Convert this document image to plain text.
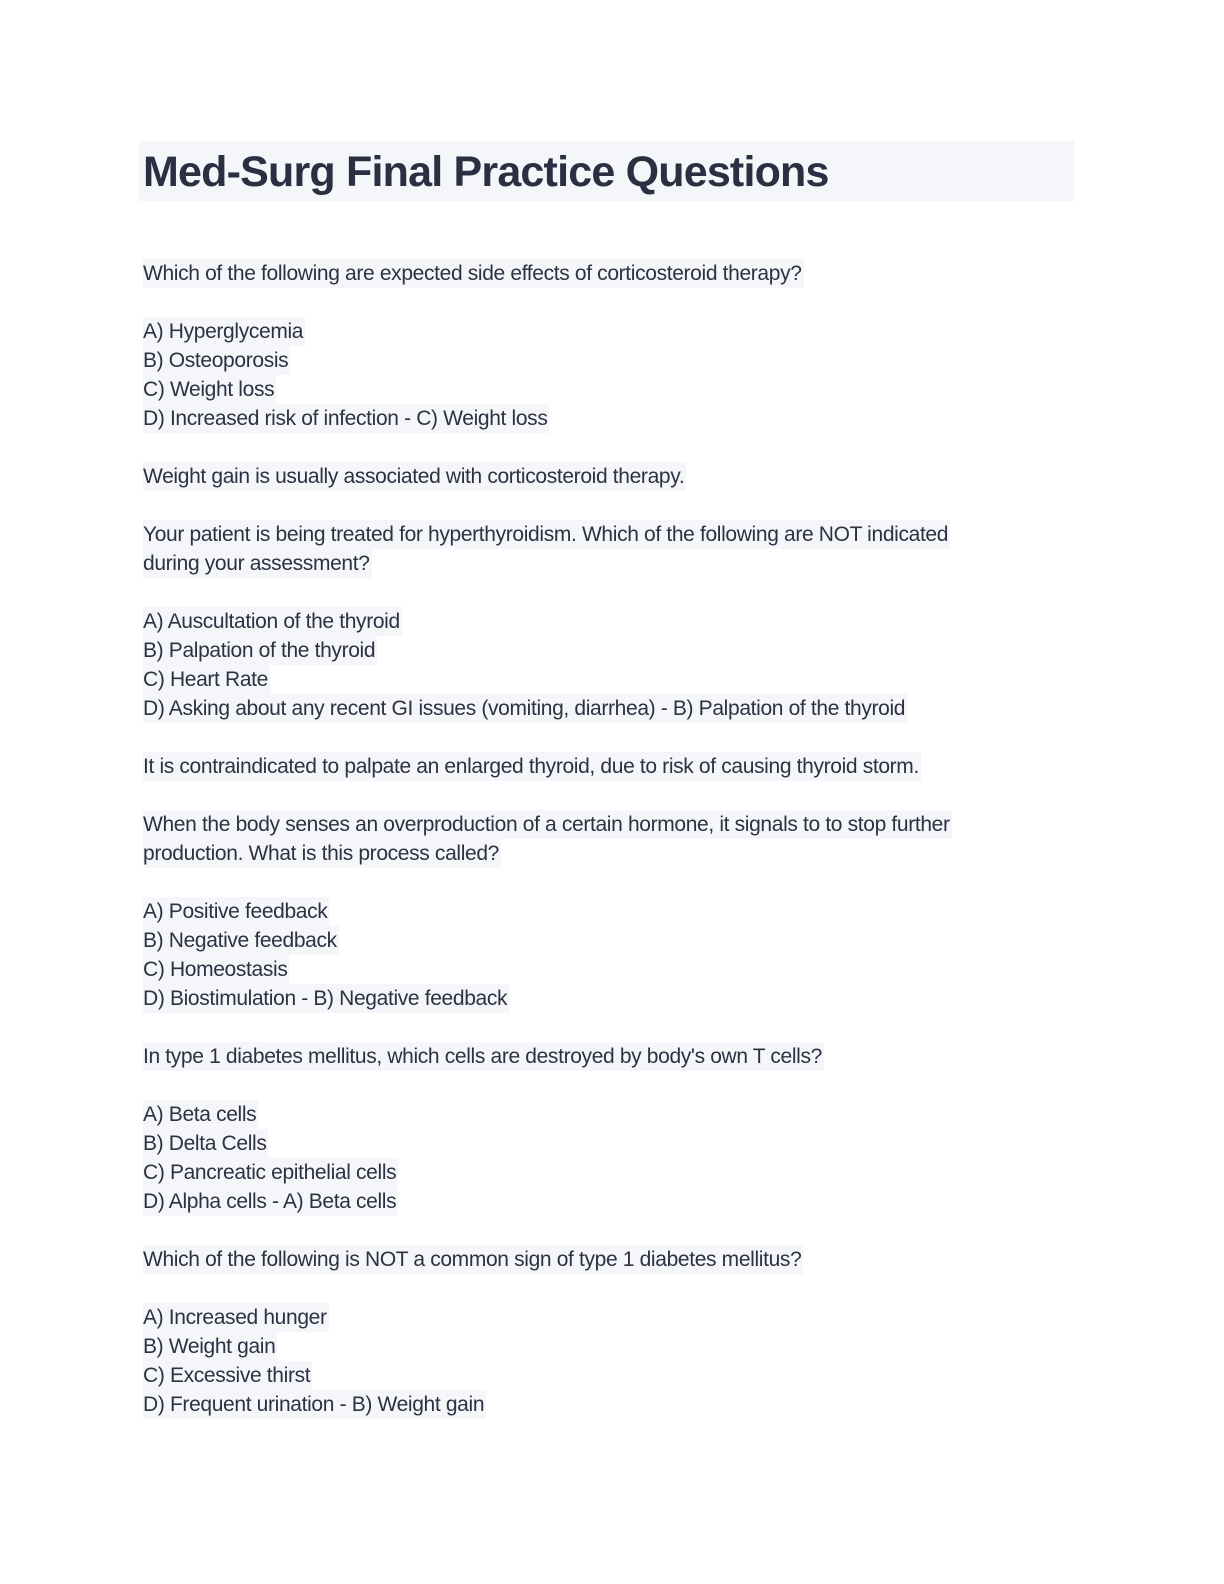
Med-Surg Final Practice Questions
Which of the following are expected side effects of corticosteroid therapy?
A) Hyperglycemia
B) Osteoporosis
C) Weight loss
D) Increased risk of infection - C) Weight loss
Weight gain is usually associated with corticosteroid therapy.
Your patient is being treated for hyperthyroidism. Which of the following are NOT indicated
during your assessment?
A) Auscultation of the thyroid
B) Palpation of the thyroid
C) Heart Rate
D) Asking about any recent GI issues (vomiting, diarrhea) - B) Palpation of the thyroid
It is contraindicated to palpate an enlarged thyroid, due to risk of causing thyroid storm.
When the body senses an overproduction of a certain hormone, it signals to to stop further
production. What is this process called?
A) Positive feedback
B) Negative feedback
C) Homeostasis
D) Biostimulation - B) Negative feedback
In type 1 diabetes mellitus, which cells are destroyed by body's own T cells?
A) Beta cells
B) Delta Cells
C) Pancreatic epithelial cells
D) Alpha cells - A) Beta cells
Which of the following is NOT a common sign of type 1 diabetes mellitus?
A) Increased hunger
B) Weight gain
C) Excessive thirst
D) Frequent urination - B) Weight gain
